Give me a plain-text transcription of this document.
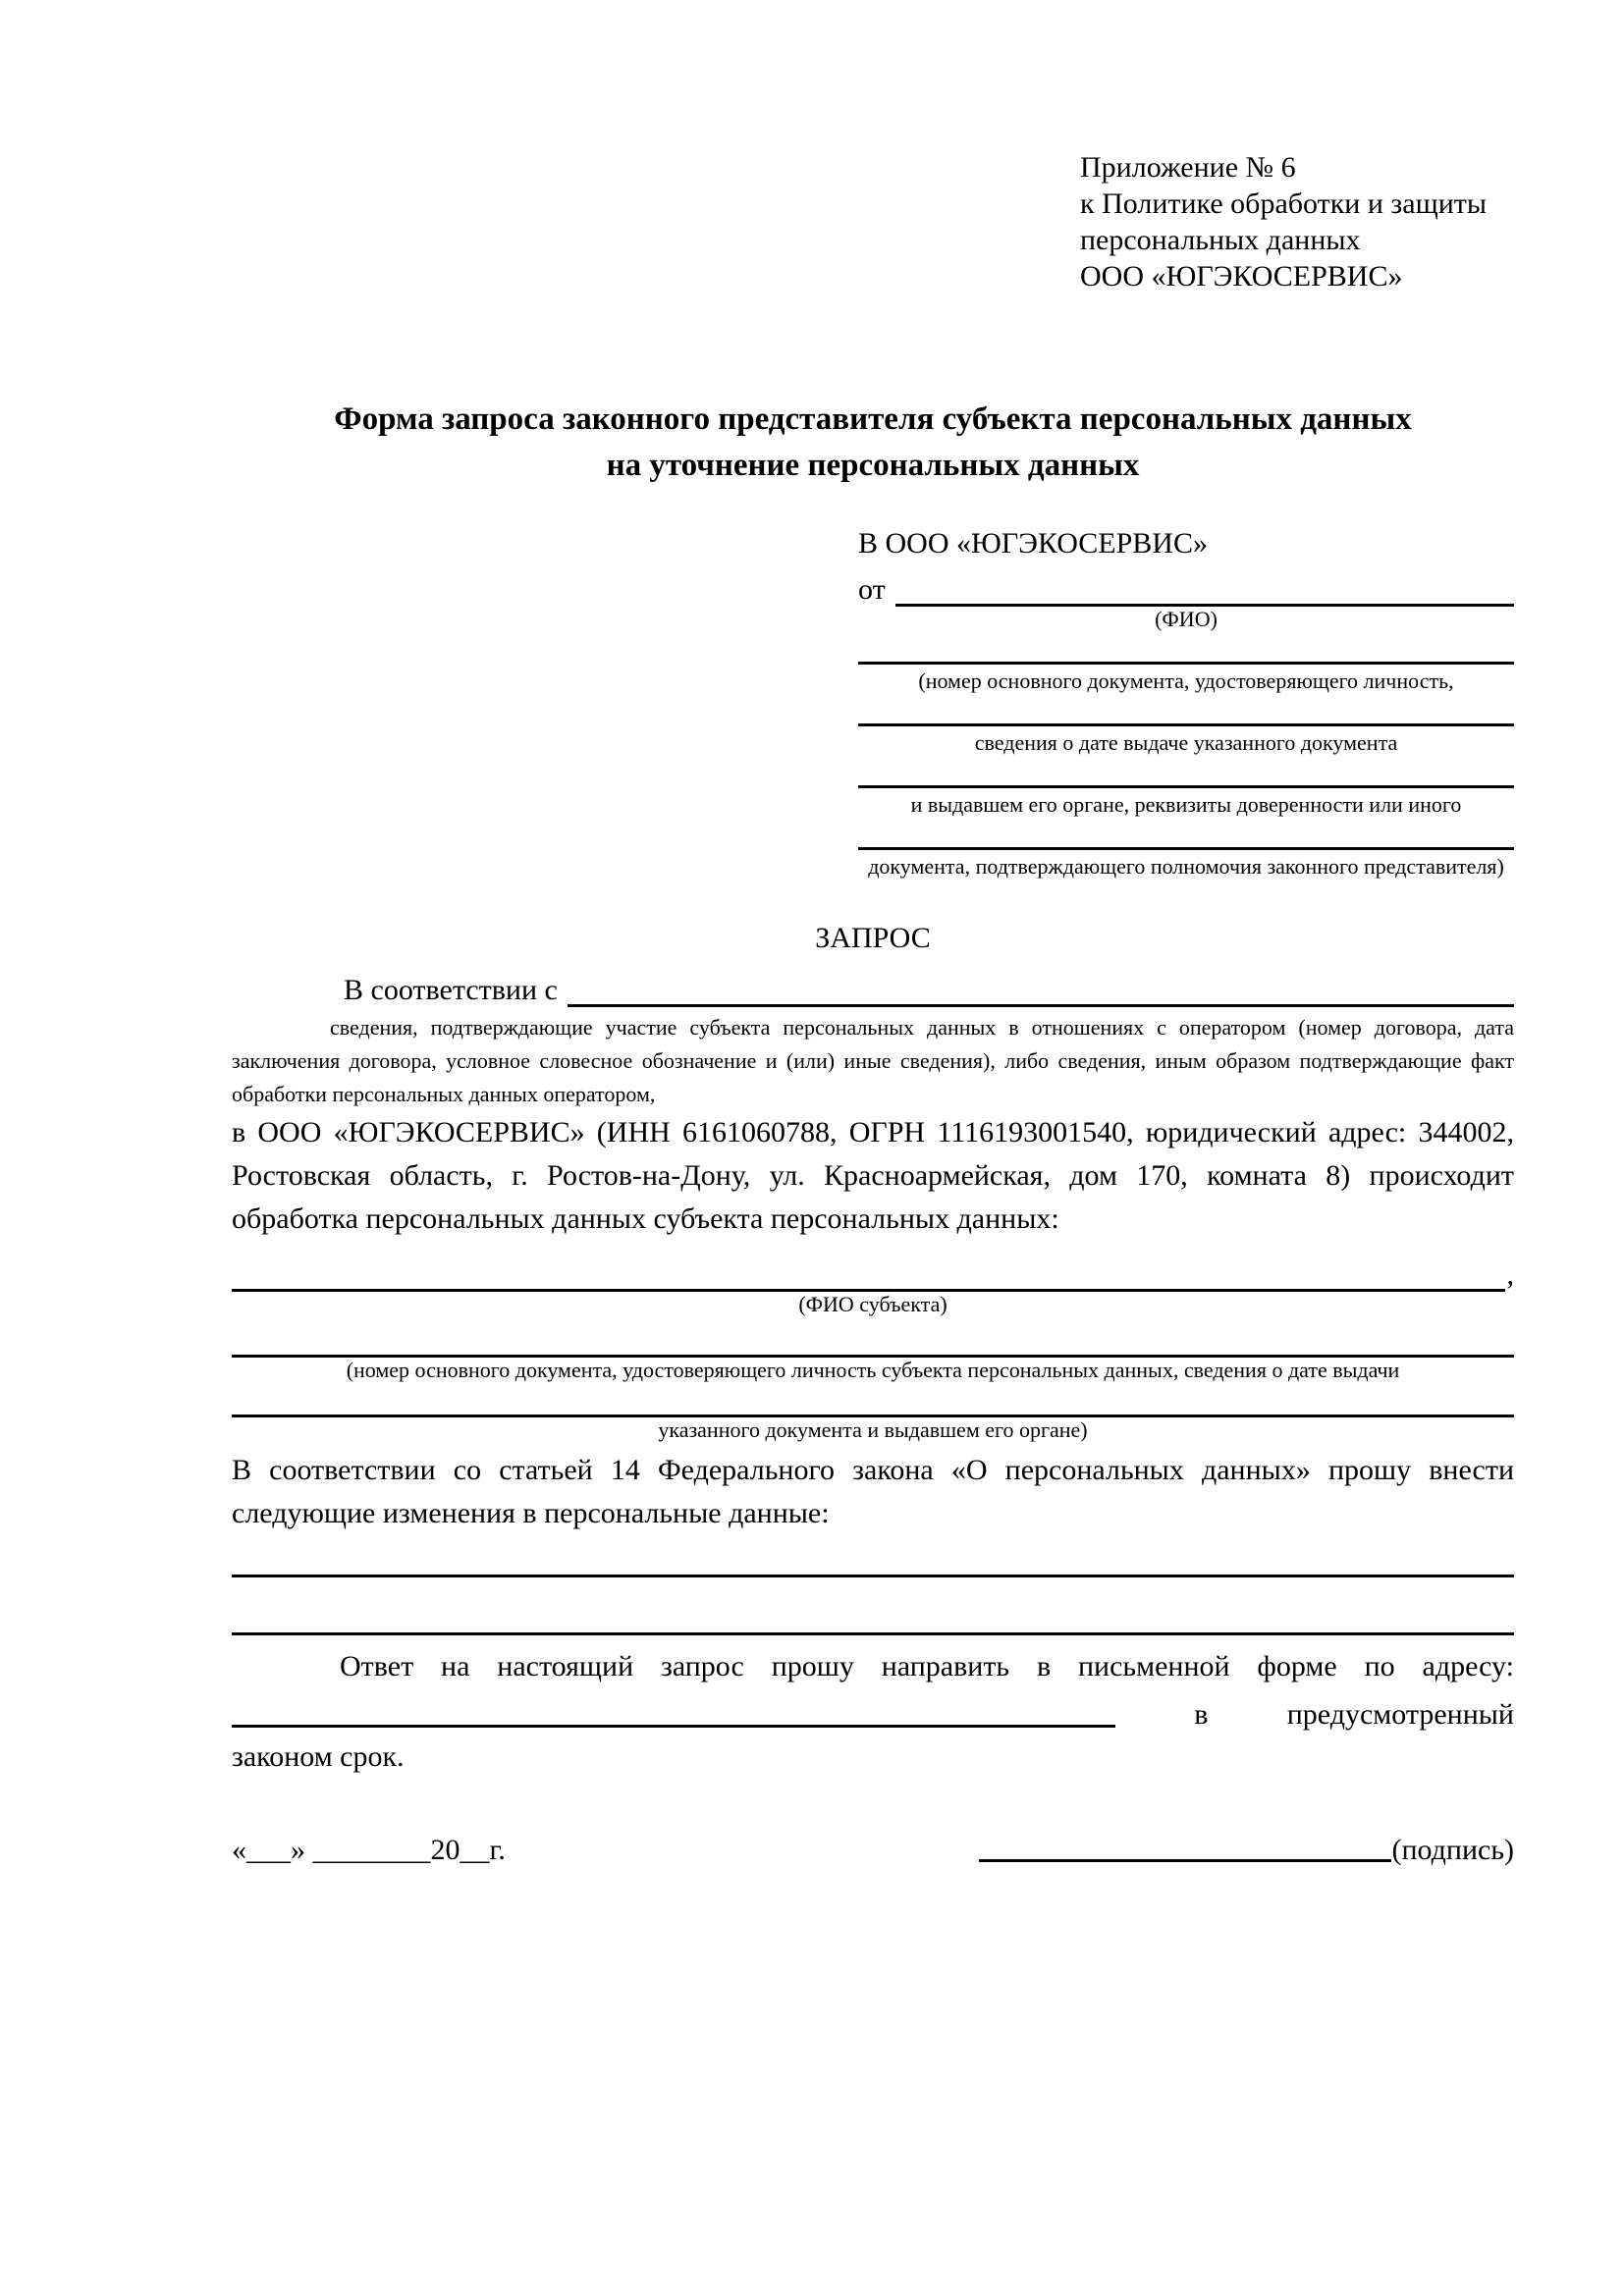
Приложение № 6
к Политике обработки и защиты
персональных данных
ООО «ЮГЭКОСЕРВИС»
Форма запроса законного представителя субъекта персональных данных
на уточнение персональных данных
В ООО «ЮГЭКОСЕРВИС»
от
(ФИО)
(номер основного документа, удостоверяющего личность,
сведения о дате выдаче указанного документа
и выдавшем его органе, реквизиты доверенности или иного
документа, подтверждающего полномочия законного представителя)
ЗАПРОС
В соответствии с
сведения, подтверждающие участие субъекта персональных данных в отношениях с оператором (номер договора, дата заключения договора, условное словесное обозначение и (или) иные сведения), либо сведения, иным образом подтверждающие факт обработки персональных данных оператором,
в ООО «ЮГЭКОСЕРВИС» (ИНН 6161060788, ОГРН 1116193001540, юридический адрес: 344002, Ростовская область, г. Ростов-на-Дону, ул. Красноармейская, дом 170, комната 8) происходит обработка персональных данных субъекта персональных данных:
,
(ФИО субъекта)
(номер основного документа, удостоверяющего личность субъекта персональных данных, сведения о дате выдачи
указанного документа и выдавшем его органе)
В соответствии со статьей 14 Федерального закона «О персональных данных» прошу внести следующие изменения в персональные данные:
Ответ на настоящий запрос прошу направить в письменной форме по адресу:
в	предусмотренный
законом срок.
«___» ________20__г.	(подпись)
